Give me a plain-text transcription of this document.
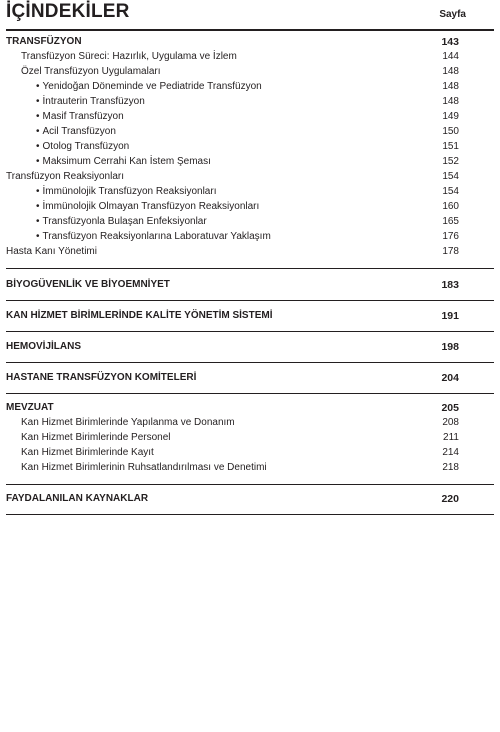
İÇİNDEKİLER	Sayfa
TRANSFÜZYON	143
Transfüzyon Süreci: Hazırlık, Uygulama ve İzlem	144
Özel Transfüzyon Uygulamaları	148
• Yenidoğan Döneminde ve Pediatride Transfüzyon	148
• İntrauterin Transfüzyon	148
• Masif Transfüzyon	149
• Acil Transfüzyon	150
• Otolog Transfüzyon	151
• Maksimum Cerrahi Kan İstem Şeması	152
Transfüzyon Reaksiyonları	154
• İmmünolojik Transfüzyon Reaksiyonları	154
• İmmünolojik Olmayan Transfüzyon Reaksiyonları	160
• Transfüzyonla Bulaşan Enfeksiyonlar	165
• Transfüzyon Reaksiyonlarına Laboratuvar Yaklaşım	176
Hasta Kanı Yönetimi	178
BİYOGÜVENLİK VE BİYOEMNİYET	183
KAN HİZMET BİRİMLERİNDE KALİTE YÖNETİM SİSTEMİ	191
HEMOVİJİLANS	198
HASTANE TRANSFÜZYON KOMİTELERİ	204
MEVZUAT	205
Kan Hizmet Birimlerinde Yapılanma ve Donanım	208
Kan Hizmet Birimlerinde Personel	211
Kan Hizmet Birimlerinde Kayıt	214
Kan Hizmet Birimlerinin Ruhsatlandırılması ve Denetimi	218
FAYDALANILAN KAYNAKLAR	220
